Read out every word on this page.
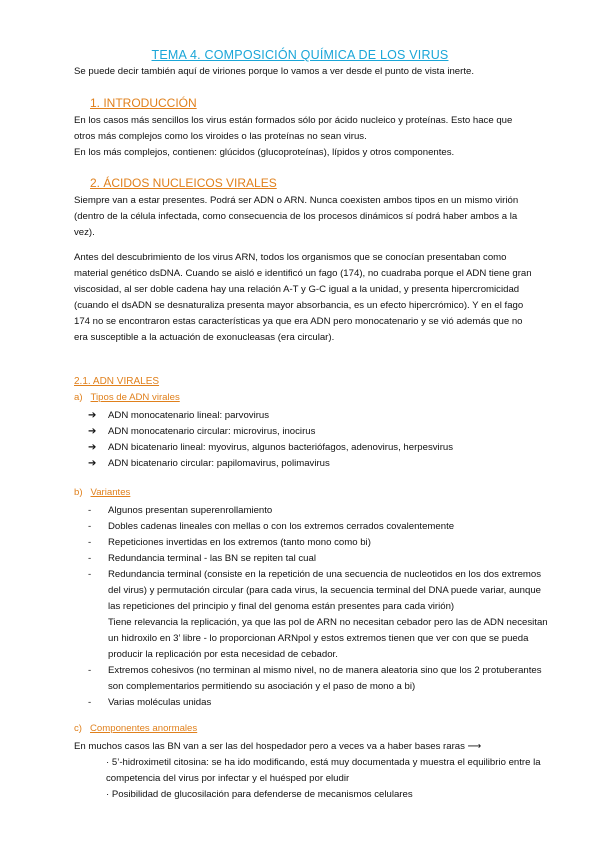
TEMA 4. COMPOSICIÓN QUÍMICA DE LOS VIRUS

Se puede decir también aquí de viriones porque lo vamos a ver desde el punto de vista inerte.

1. INTRODUCCIÓN

En los casos más sencillos los virus están formados sólo por ácido nucleico y proteínas. Esto hace que otros más complejos como los viroides o las proteínas no sean virus.

En los más complejos, contienen: glúcidos (glucoproteínas), lípidos y otros componentes.

2. ÁCIDOS NUCLEICOS VIRALES

Siempre van a estar presentes. Podrá ser ADN o ARN. Nunca coexisten ambos tipos en un mismo virión (dentro de la célula infectada, como consecuencia de los procesos dinámicos sí podrá haber ambos a la vez).

Antes del descubrimiento de los virus ARN, todos los organismos que se conocían presentaban como material genético dsDNA. Cuando se aisló e identificó un fago (174), no cuadraba porque el ADN tiene gran viscosidad, al ser doble cadena hay una relación A-T y G-C igual a la unidad, y presenta hipercromicidad (cuando el dsADN se desnaturaliza presenta mayor absorbancia, es un efecto hipercrómico). Y en el fago 174 no se encontraron estas características ya que era ADN pero monocatenario y se vió además que no era susceptible a la actuación de exonucleasas (era circular).

2.1. ADN VIRALES
a) Tipos de ADN virales
➔ ADN monocatenario lineal: parvovirus
➔ ADN monocatenario circular: microvirus, inocirus
➔ ADN bicatenario lineal: myovirus, algunos bacteriófagos, adenovirus, herpesvirus
➔ ADN bicatenario circular: papilomavirus, polimavirus
b) Variantes
- Algunos presentan superenrollamiento
- Dobles cadenas lineales con mellas o con los extremos cerrados covalentemente
- Repeticiones invertidas en los extremos (tanto mono como bi)
- Redundancia terminal - las BN se repiten tal cual
- Redundancia terminal (consiste en la repetición de una secuencia de nucleotidos en los dos extremos del virus) y permutación circular (para cada virus, la secuencia terminal del DNA puede variar, aunque las repeticiones del principio y final del genoma están presentes para cada virión)

Tiene relevancia la replicación, ya que las pol de ARN no necesitan cebador pero las de ADN necesitan un hidroxilo en 3’ libre - lo proporcionan ARNpol y estos extremos tienen que ver con que se pueda producir la replicación por esta necesidad de cebador.

- Extremos cohesivos (no terminan al mismo nivel, no de manera aleatoria sino que los 2 protuberantes son complementarios permitiendo su asociación y el paso de mono a bi)
- Varias moléculas unidas
c) Componentes anormales

En muchos casos las BN van a ser las del hospedador pero a veces va a haber bases raras ⟶

· 5’-hidroximetil citosina: se ha ido modificando, está muy documentada y muestra el equilibrio entre la competencia del virus por infectar y el huésped por eludir

· Posibilidad de glucosilación para defenderse de mecanismos celulares
